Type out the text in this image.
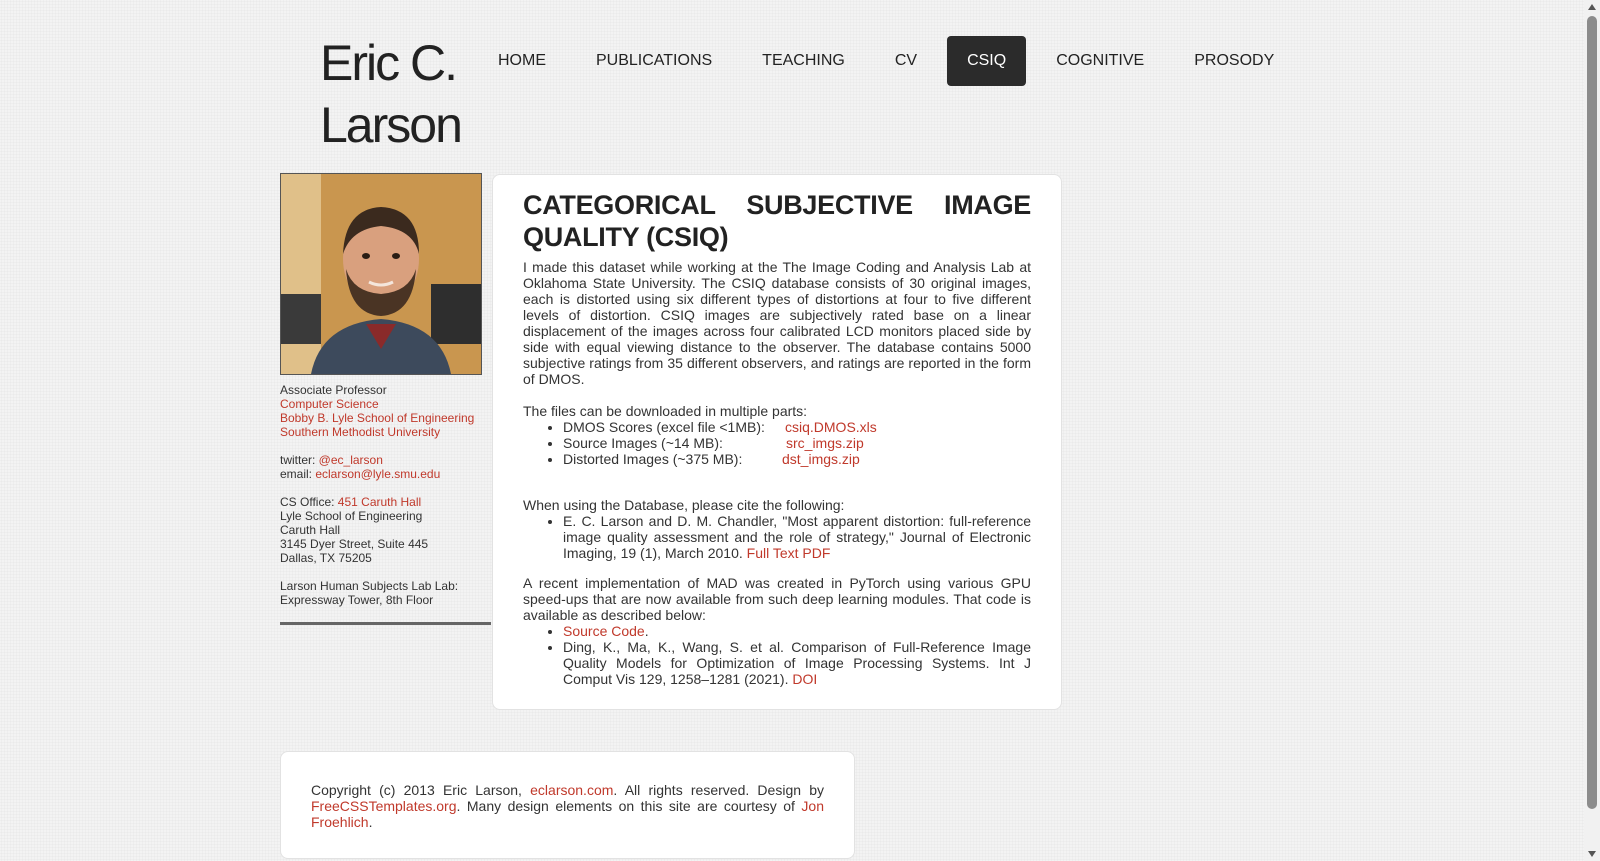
Eric C.
Larson
HOME	PUBLICATIONS	TEACHING	CV	CSIQ	COGNITIVE	PROSODY
Associate Professor
Computer Science
Bobby B. Lyle School of Engineering
Southern Methodist University
twitter: @ec_larson
email: eclarson@lyle.smu.edu
CS Office: 451 Caruth Hall
Lyle School of Engineering
Caruth Hall
3145 Dyer Street, Suite 445
Dallas, TX 75205
Larson Human Subjects Lab Lab:
Expressway Tower, 8th Floor
CATEGORICAL SUBJECTIVE IMAGE
QUALITY (CSIQ)

I made this dataset while working at the The Image Coding and Analysis Lab at Oklahoma State University. The CSIQ database consists of 30 original images, each is distorted using six different types of distortions at four to five different levels of distortion. CSIQ images are subjectively rated base on a linear displacement of the images across four calibrated LCD monitors placed side by side with equal viewing distance to the observer. The database contains 5000 subjective ratings from 35 different observers, and ratings are reported in the form of DMOS.

The files can be downloaded in multiple parts:

• DMOS Scores (excel file <1MB): csiq.DMOS.xls
• Source Images (~14 MB):	src_imgs.zip
• Distorted Images (~375 MB):	dst_imgs.zip

When using the Database, please cite the following:

• E. C. Larson and D. M. Chandler, "Most apparent distortion: full-reference image quality assessment and the role of strategy," Journal of Electronic Imaging, 19 (1), March 2010. Full Text PDF

A recent implementation of MAD was created in PyTorch using various GPU speed-ups that are now available from such deep learning modules. That code is available as described below:

• Source Code.
• Ding, K., Ma, K., Wang, S. et al. Comparison of Full-Reference Image Quality Models for Optimization of Image Processing Systems. Int J Comput Vis 129, 1258–1281 (2021). DOI

Copyright (c) 2013 Eric Larson, eclarson.com. All rights reserved. Design by FreeCSSTemplates.org. Many design elements on this site are courtesy of Jon Froehlich.
